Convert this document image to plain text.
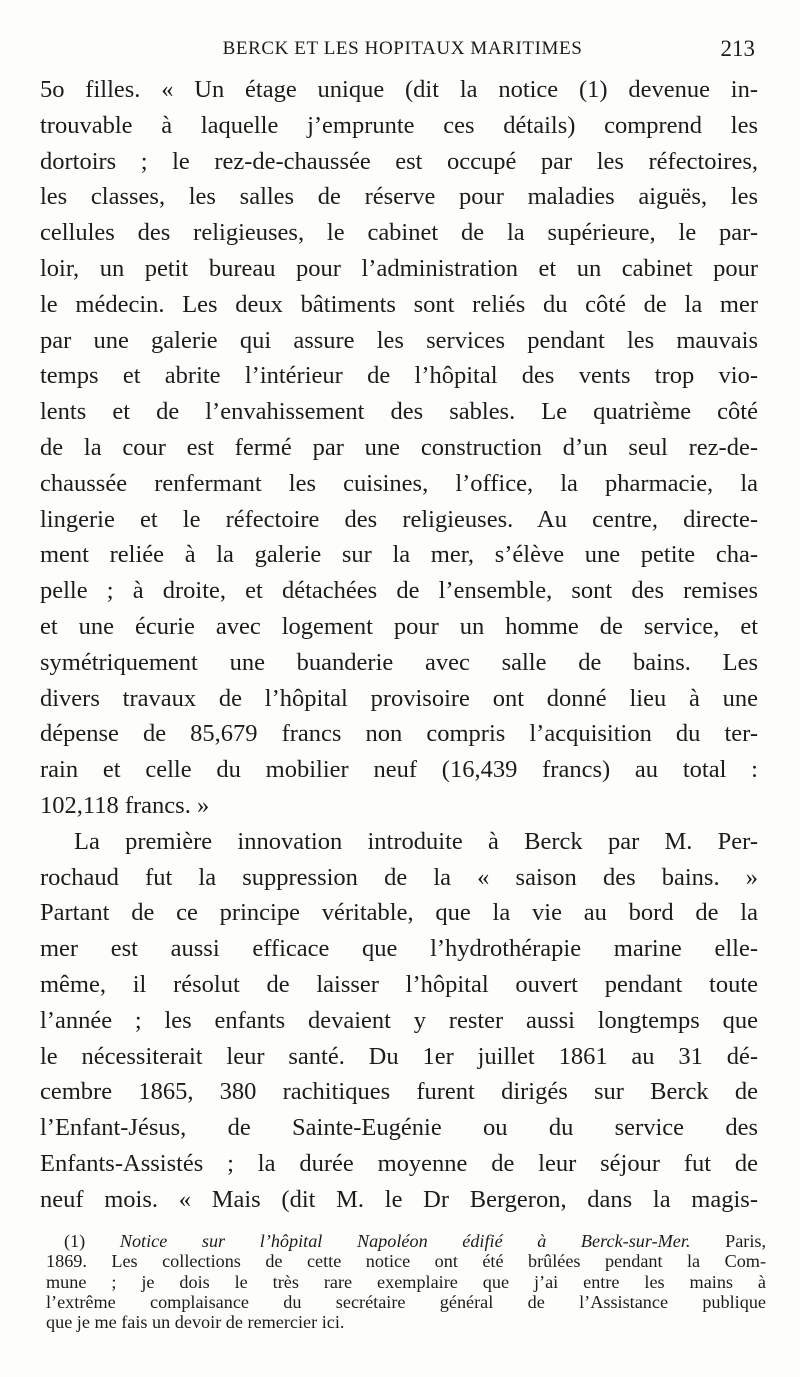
BERCK ET LES HOPITAUX MARITIMES	213
5o filles. « Un étage unique (dit la notice (1) devenue in-
trouvable à laquelle j’emprunte ces détails) comprend les
dortoirs ; le rez-de-chaussée est occupé par les réfectoires,
les classes, les salles de réserve pour maladies aiguës, les
cellules des religieuses, le cabinet de la supérieure, le par-
loir, un petit bureau pour l’administration et un cabinet pour
le médecin. Les deux bâtiments sont reliés du côté de la mer
par une galerie qui assure les services pendant les mauvais
temps et abrite l’intérieur de l’hôpital des vents trop vio-
lents et de l’envahissement des sables. Le quatrième côté
de la cour est fermé par une construction d’un seul rez-de-
chaussée renfermant les cuisines, l’office, la pharmacie, la
lingerie et le réfectoire des religieuses. Au centre, directe-
ment reliée à la galerie sur la mer, s’élève une petite cha-
pelle ; à droite, et détachées de l’ensemble, sont des remises
et une écurie avec logement pour un homme de service, et
symétriquement une buanderie avec salle de bains. Les
divers travaux de l’hôpital provisoire ont donné lieu à une
dépense de 85,679 francs non compris l’acquisition du ter-
rain et celle du mobilier neuf (16,439 francs) au total :
102,118 francs. »
La première innovation introduite à Berck par M. Per-
rochaud fut la suppression de la « saison des bains. »
Partant de ce principe véritable, que la vie au bord de la
mer est aussi efficace que l’hydrothérapie marine elle-
même, il résolut de laisser l’hôpital ouvert pendant toute
l’année ; les enfants devaient y rester aussi longtemps que
le nécessiterait leur santé. Du 1er juillet 1861 au 31 dé-
cembre 1865, 380 rachitiques furent dirigés sur Berck de
l’Enfant-Jésus, de Sainte-Eugénie ou du service des
Enfants-Assistés ; la durée moyenne de leur séjour fut de
neuf mois. « Mais (dit M. le Dr Bergeron, dans la magis-
(1) Notice sur l’hôpital Napoléon édifié à Berck-sur-Mer. Paris,
1869. Les collections de cette notice ont été brûlées pendant la Com-
mune ; je dois le très rare exemplaire que j’ai entre les mains à
l’extrême complaisance du secrétaire général de l’Assistance publique
que je me fais un devoir de remercier ici.
